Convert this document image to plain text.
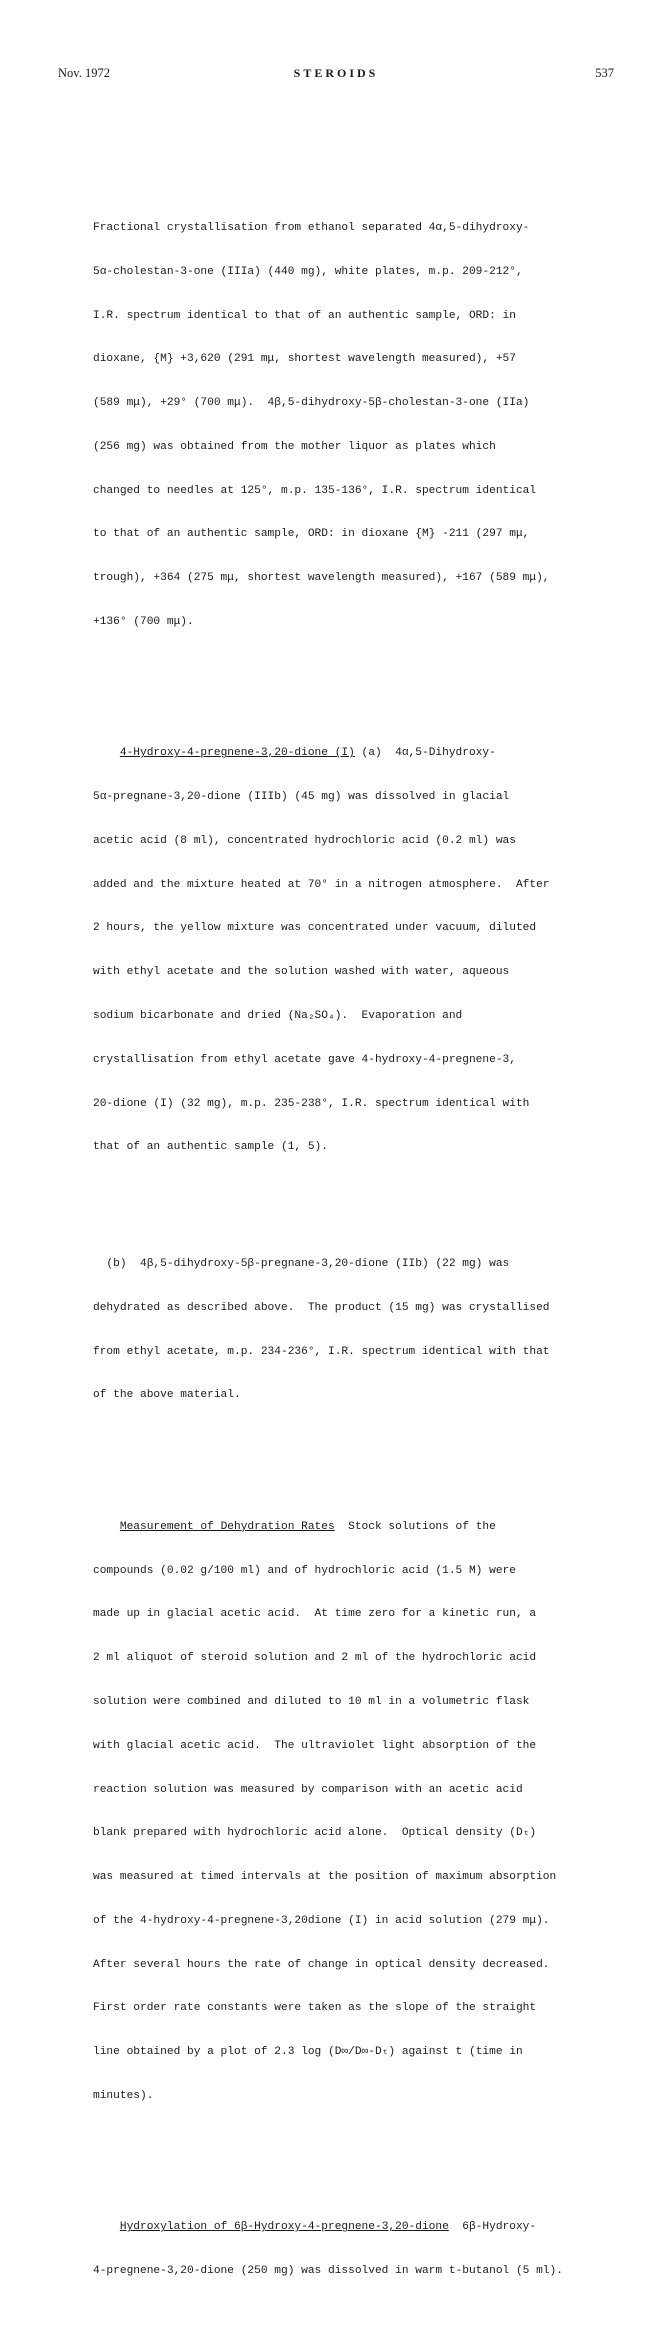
Nov. 1972	STEROIDS	537

Fractional crystallisation from ethanol separated 4α,5-dihydroxy-

5α-cholestan-3-one (IIIa) (440 mg), white plates, m.p. 209-212°,

I.R. spectrum identical to that of an authentic sample, ORD: in

dioxane, {M} +3,620 (291 mμ, shortest wavelength measured), +57

(589 mμ), +29° (700 mμ).  4β,5-dihydroxy-5β-cholestan-3-one (IIa)

(256 mg) was obtained from the mother liquor as plates which

changed to needles at 125°, m.p. 135-136°, I.R. spectrum identical

to that of an authentic sample, ORD: in dioxane {M} -211 (297 mμ,

trough), +364 (275 mμ, shortest wavelength measured), +167 (589 mμ),

+136° (700 mμ).

4-Hydroxy-4-pregnene-3,20-dione (I) (a)  4α,5-Dihydroxy-

5α-pregnane-3,20-dione (IIIb) (45 mg) was dissolved in glacial

acetic acid (8 ml), concentrated hydrochloric acid (0.2 ml) was

added and the mixture heated at 70° in a nitrogen atmosphere.  After

2 hours, the yellow mixture was concentrated under vacuum, diluted

with ethyl acetate and the solution washed with water, aqueous

sodium bicarbonate and dried (Na₂SO₄).  Evaporation and

crystallisation from ethyl acetate gave 4-hydroxy-4-pregnene-3,

20-dione (I) (32 mg), m.p. 235-238°, I.R. spectrum identical with

that of an authentic sample (1, 5).

(b)  4β,5-dihydroxy-5β-pregnane-3,20-dione (IIb) (22 mg) was

dehydrated as described above.  The product (15 mg) was crystallised

from ethyl acetate, m.p. 234-236°, I.R. spectrum identical with that

of the above material.

Measurement of Dehydration Rates  Stock solutions of the

compounds (0.02 g/100 ml) and of hydrochloric acid (1.5 M) were

made up in glacial acetic acid.  At time zero for a kinetic run, a

2 ml aliquot of steroid solution and 2 ml of the hydrochloric acid

solution were combined and diluted to 10 ml in a volumetric flask

with glacial acetic acid.  The ultraviolet light absorption of the

reaction solution was measured by comparison with an acetic acid

blank prepared with hydrochloric acid alone.  Optical density (Dₜ)

was measured at timed intervals at the position of maximum absorption

of the 4-hydroxy-4-pregnene-3,20dione (I) in acid solution (279 mμ).

After several hours the rate of change in optical density decreased.

First order rate constants were taken as the slope of the straight

line obtained by a plot of 2.3 log (D∞/D∞-Dₜ) against t (time in

minutes).

Hydroxylation of 6β-Hydroxy-4-pregnene-3,20-dione  6β-Hydroxy-

4-pregnene-3,20-dione (250 mg) was dissolved in warm t-butanol (5 ml).
